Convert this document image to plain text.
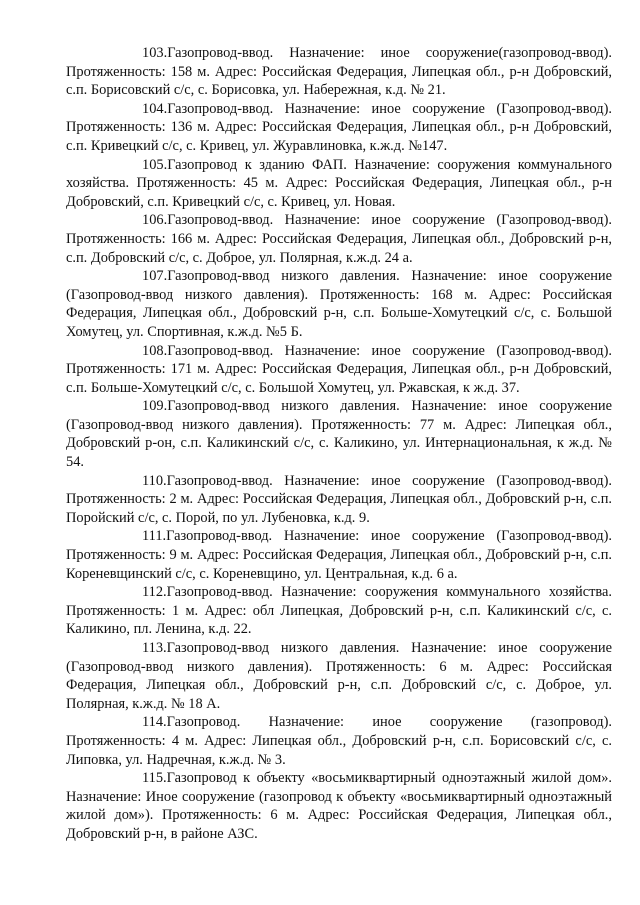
103.Газопровод-ввод. Назначение: иное сооружение(газопровод-ввод). Протяженность: 158 м. Адрес: Российская Федерация, Липецкая обл., р-н Добровский, с.п. Борисовский с/с, с. Борисовка, ул. Набережная, к.д. № 21.

104.Газопровод-ввод. Назначение: иное сооружение (Газопровод-ввод). Протяженность: 136 м. Адрес: Российская Федерация, Липецкая обл., р-н Добровский, с.п. Кривецкий с/с, с. Кривец, ул. Журавлиновка, к.ж.д. №147.

105.Газопровод к зданию ФАП. Назначение: сооружения коммунального хозяйства. Протяженность: 45 м. Адрес: Российская Федерация, Липецкая обл., р-н Добровский, с.п. Кривецкий с/с, с. Кривец, ул. Новая.

106.Газопровод-ввод. Назначение: иное сооружение (Газопровод-ввод). Протяженность: 166 м. Адрес: Российская Федерация, Липецкая обл., Добровский р-н, с.п. Добровский с/с, с. Доброе, ул. Полярная, к.ж.д. 24 а.

107.Газопровод-ввод низкого давления. Назначение: иное сооружение (Газопровод-ввод низкого давления). Протяженность: 168 м. Адрес: Российская Федерация, Липецкая обл., Добровский р-н, с.п. Больше-Хомутецкий с/с, с. Большой Хомутец, ул. Спортивная, к.ж.д. №5 Б.

108.Газопровод-ввод. Назначение: иное сооружение (Газопровод-ввод). Протяженность: 171 м. Адрес: Российская Федерация, Липецкая обл., р-н Добровский, с.п. Больше-Хомутецкий с/с, с. Большой Хомутец, ул. Ржавская, к ж.д. 37.

109.Газопровод-ввод низкого давления. Назначение: иное сооружение (Газопровод-ввод низкого давления). Протяженность: 77 м. Адрес: Липецкая обл., Добровский р-он, с.п. Каликинский с/с, с. Каликино, ул. Интернациональная, к ж.д. № 54.

110.Газопровод-ввод. Назначение: иное сооружение (Газопровод-ввод). Протяженность: 2 м. Адрес: Российская Федерация, Липецкая обл., Добровский р-н, с.п. Поройский с/с, с. Порой, по ул. Лубеновка, к.д. 9.

111.Газопровод-ввод. Назначение: иное сооружение (Газопровод-ввод). Протяженность: 9 м. Адрес: Российская Федерация, Липецкая обл., Добровский р-н, с.п. Кореневщинский с/с, с. Кореневщино, ул. Центральная, к.д. 6 а.

112.Газопровод-ввод. Назначение: сооружения коммунального хозяйства. Протяженность: 1 м. Адрес: обл Липецкая, Добровский р-н, с.п. Каликинский с/с, с. Каликино, пл. Ленина, к.д. 22.

113.Газопровод-ввод низкого давления. Назначение: иное сооружение (Газопровод-ввод низкого давления). Протяженность: 6 м. Адрес: Российская Федерация, Липецкая обл., Добровский р-н, с.п. Добровский с/с, с. Доброе, ул. Полярная, к.ж.д. № 18 А.

114.Газопровод. Назначение: иное сооружение (газопровод). Протяженность: 4 м. Адрес: Липецкая обл., Добровский р-н, с.п. Борисовский с/с, с. Липовка, ул. Надречная, к.ж.д. № 3.

115.Газопровод к объекту «восьмиквартирный одноэтажный жилой дом». Назначение: Иное сооружение (газопровод к объекту «восьмиквартирный одноэтажный жилой дом»). Протяженность: 6 м. Адрес: Российская Федерация, Липецкая обл., Добровский р-н, в районе АЗС.
